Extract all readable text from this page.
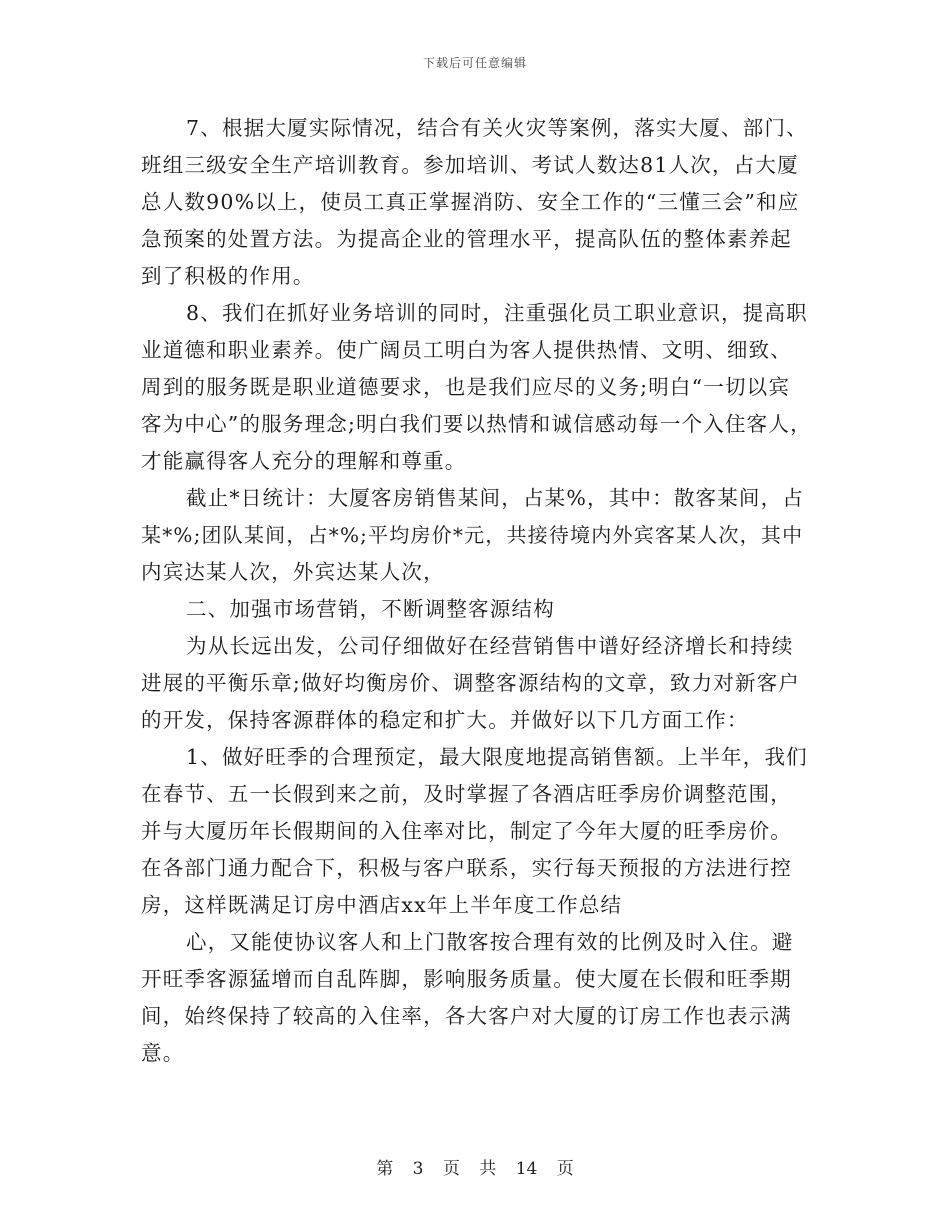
下载后可任意编辑
7、根据大厦实际情况，结合有关火灾等案例，落实大厦、部门、
班组三级安全生产培训教育。参加培训、考试人数达81人次，占大厦
总人数90%以上，使员工真正掌握消防、安全工作的“三懂三会”和应
急预案的处置方法。为提高企业的管理水平，提高队伍的整体素养起
到了积极的作用。
8、我们在抓好业务培训的同时，注重强化员工职业意识，提高职
业道德和职业素养。使广阔员工明白为客人提供热情、文明、细致、
周到的服务既是职业道德要求，也是我们应尽的义务;明白“一切以宾
客为中心”的服务理念;明白我们要以热情和诚信感动每一个入住客人，
才能赢得客人充分的理解和尊重。
截止*日统计：大厦客房销售某间，占某%，其中：散客某间，占
某*%;团队某间，占*%;平均房价*元，共接待境内外宾客某人次，其中
内宾达某人次，外宾达某人次，
二、加强市场营销，不断调整客源结构
为从长远出发，公司仔细做好在经营销售中谱好经济增长和持续
进展的平衡乐章;做好均衡房价、调整客源结构的文章，致力对新客户
的开发，保持客源群体的稳定和扩大。并做好以下几方面工作：
1、做好旺季的合理预定，最大限度地提高销售额。上半年，我们
在春节、五一长假到来之前，及时掌握了各酒店旺季房价调整范围，
并与大厦历年长假期间的入住率对比，制定了今年大厦的旺季房价。
在各部门通力配合下，积极与客户联系，实行每天预报的方法进行控
房，这样既满足订房中酒店xx年上半年度工作总结
心，又能使协议客人和上门散客按合理有效的比例及时入住。避
开旺季客源猛增而自乱阵脚，影响服务质量。使大厦在长假和旺季期
间，始终保持了较高的入住率，各大客户对大厦的订房工作也表示满
意。
第 3 页 共 14 页
